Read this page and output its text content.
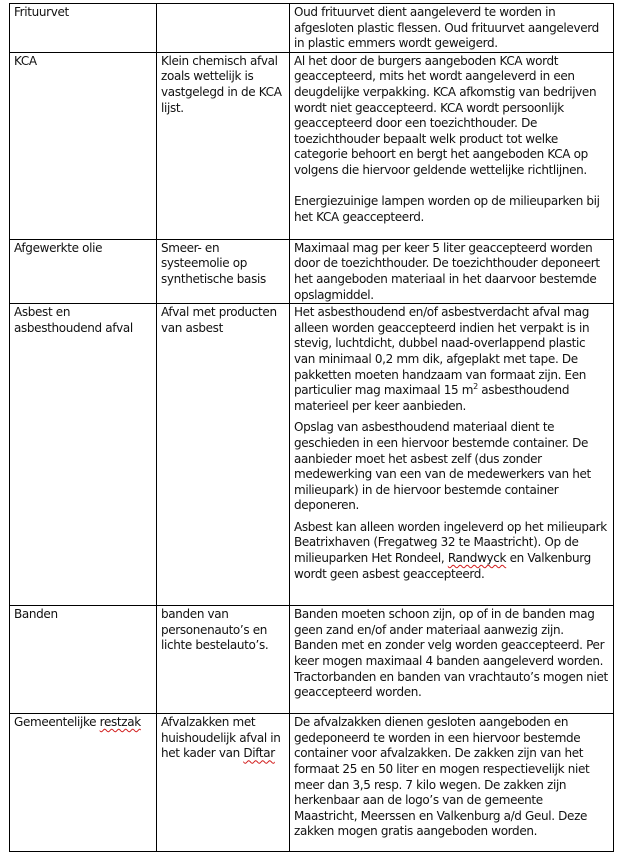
Frituurvet		Oud frituurvet dient aangeleverd te worden in afgesloten plastic flessen. Oud frituurvet aangeleverd in plastic emmers wordt geweigerd.

KCA	Klein chemisch afval zoals wettelijk is vastgelegd in de KCA lijst.	Al het door de burgers aangeboden KCA wordt geaccepteerd, mits het wordt aangeleverd in een deugdelijke verpakking. KCA afkomstig van bedrijven wordt niet geaccepteerd. KCA wordt persoonlijk geaccepteerd door een toezichthouder. De toezichthouder bepaalt welk product tot welke categorie behoort en bergt het aangeboden KCA op volgens die hiervoor geldende wettelijke richtlijnen.

Energiezuinige lampen worden op de milieuparken bij het KCA geaccepteerd.

Afgewerkte olie	Smeer- en systeemolie op synthetische basis	Maximaal mag per keer 5 liter geaccepteerd worden door de toezichthouder. De toezichthouder deponeert het aangeboden materiaal in het daarvoor bestemde opslagmiddel.

Asbest en asbesthoudend afval	Afval met producten van asbest	Het asbesthoudend en/of asbestverdacht afval mag alleen worden geaccepteerd indien het verpakt is in stevig, luchtdicht, dubbel naad-overlappend plastic van minimaal 0,2 mm dik, afgeplakt met tape. De pakketten moeten handzaam van formaat zijn. Een particulier mag maximaal 15 $m^2$ asbesthoudend materieel per keer aanbieden.

Opslag van asbesthoudend materiaal dient te geschieden in een hiervoor bestemde container. De aanbieder moet het asbest zelf (dus zonder medewerking van een van de medewerkers van het milieupark) in de hiervoor bestemde container deponeren.

Asbest kan alleen worden ingeleverd op het milieupark Beatrixhaven (Fregatweg 32 te Maastricht). Op de milieuparken Het Rondeel, Randwyck en Valkenburg wordt geen asbest geaccepteerd.

Banden	banden van personenauto’s en lichte bestelauto’s.	Banden moeten schoon zijn, op of in de banden mag geen zand en/of ander materiaal aanwezig zijn. Banden met en zonder velg worden geaccepteerd. Per keer mogen maximaal 4 banden aangeleverd worden. Tractorbanden en banden van vrachtauto’s mogen niet geaccepteerd worden.

Gemeentelijke restzak	Afvalzakken met huishoudelijk afval in het kader van Diftar	De afvalzakken dienen gesloten aangeboden en gedeponeerd te worden in een hiervoor bestemde container voor afvalzakken. De zakken zijn van het formaat 25 en 50 liter en mogen respectievelijk niet meer dan 3,5 resp. 7 kilo wegen. De zakken zijn herkenbaar aan de logo’s van de gemeente Maastricht, Meerssen en Valkenburg a/d Geul. Deze zakken mogen gratis aangeboden worden.
